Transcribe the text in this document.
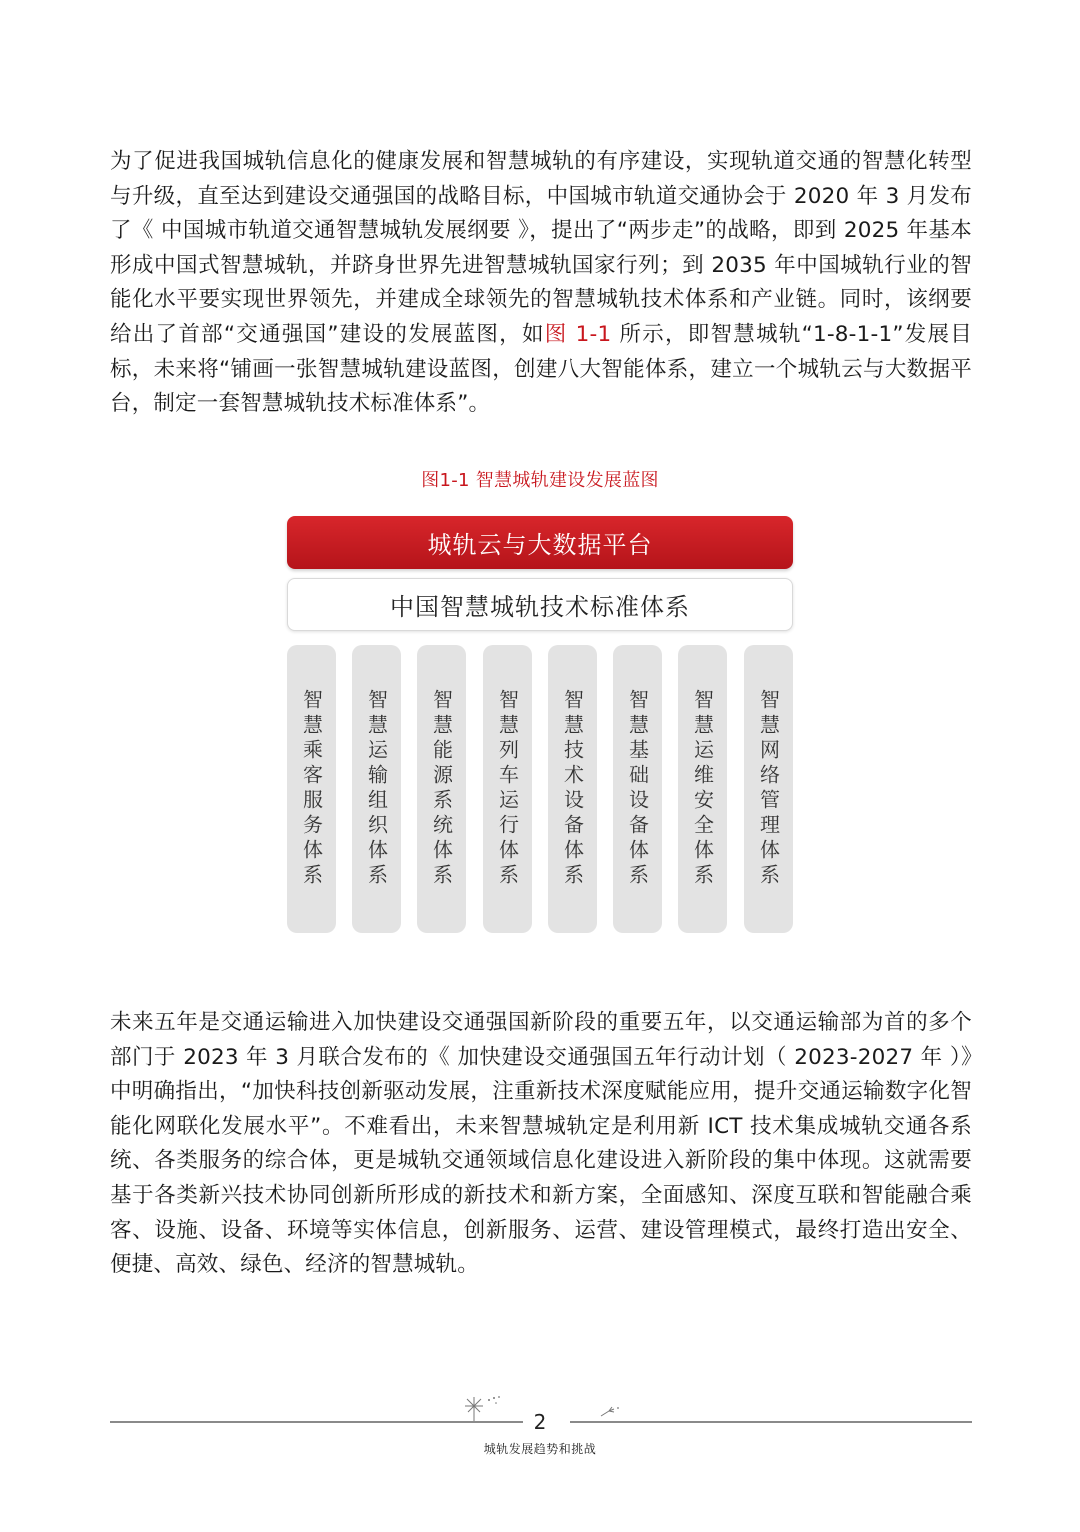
为了促进我国城轨信息化的健康发展和智慧城轨的有序建设，实现轨道交通的智慧化转型与升级，直至达到建设交通强国的战略目标，中国城市轨道交通协会于 2020 年 3 月发布了《 中国城市轨道交通智慧城轨发展纲要 》，提出了“两步走”的战略，即到 2025 年基本形成中国式智慧城轨，并跻身世界先进智慧城轨国家行列；到 2035 年中国城轨行业的智能化水平要实现世界领先，并建成全球领先的智慧城轨技术体系和产业链。同时，该纲要给出了首部“交通强国”建设的发展蓝图，如图 1-1 所示，即智慧城轨“1-8-1-1”发展目标，未来将“铺画一张智慧城轨建设蓝图，创建八大智能体系，建立一个城轨云与大数据平台，制定一套智慧城轨技术标准体系”。

图1-1 智慧城轨建设发展蓝图
城轨云与大数据平台
中国智慧城轨技术标准体系
智慧乘客服务体系 智慧运输组织体系 智慧能源系统体系 智慧列车运行体系 智慧技术设备体系 智慧基础设备体系 智慧运维安全体系 智慧网络管理体系

未来五年是交通运输进入加快建设交通强国新阶段的重要五年，以交通运输部为首的多个部门于 2023 年 3 月联合发布的《 加快建设交通强国五年行动计划（ 2023-2027 年 ）》中明确指出，“加快科技创新驱动发展，注重新技术深度赋能应用，提升交通运输数字化智能化网联化发展水平”。不难看出，未来智慧城轨定是利用新 ICT 技术集成城轨交通各系统、各类服务的综合体，更是城轨交通领域信息化建设进入新阶段的集中体现。这就需要基于各类新兴技术协同创新所形成的新技术和新方案，全面感知、深度互联和智能融合乘客、设施、设备、环境等实体信息，创新服务、运营、建设管理模式，最终打造出安全、便捷、高效、绿色、经济的智慧城轨。

2
城轨发展趋势和挑战
